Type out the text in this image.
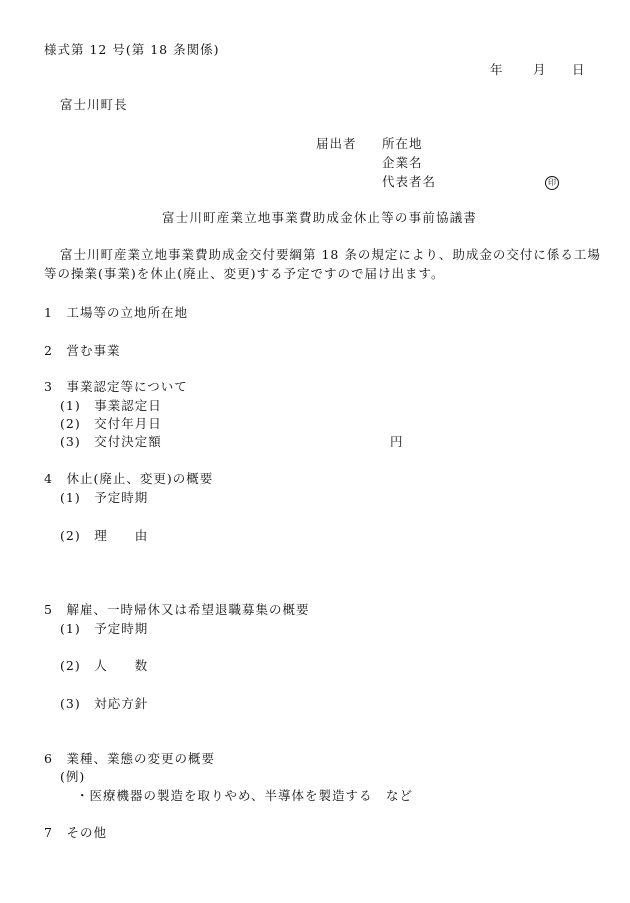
様式第 12 号(第 18 条関係)
年 月 日
富士川町長
届出者 所在地
企業名
代表者名	印
富士川町産業立地事業費助成金休止等の事前協議書
富士川町産業立地事業費助成金交付要綱第 18 条の規定により、助成金の交付に係る工場
等の操業(事業)を休止(廃止、変更)する予定ですので届け出ます。
1　工場等の立地所在地
2　営む事業
3　事業認定等について
(1)　事業認定日
(2)　交付年月日
(3)　交付決定額	円
4　休止(廃止、変更)の概要
(1)　予定時期
(2)　理　　由
5　解雇、一時帰休又は希望退職募集の概要
(1)　予定時期
(2)　人　　数
(3)　対応方針
6　業種、業態の変更の概要
(例)
・医療機器の製造を取りやめ、半導体を製造する　など
7　その他
